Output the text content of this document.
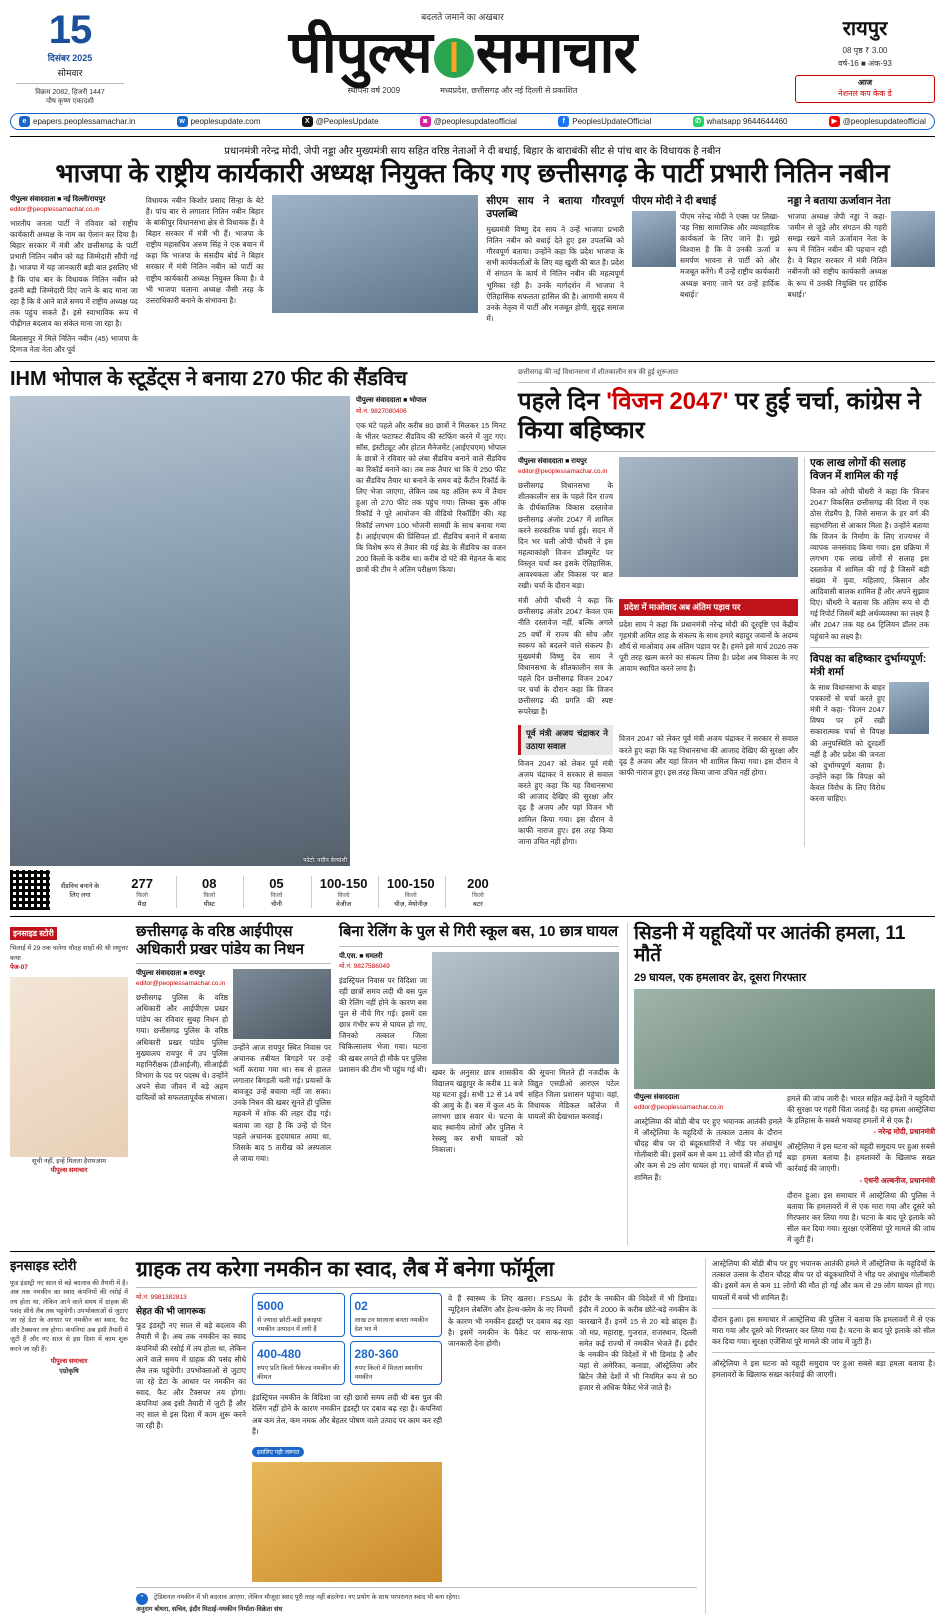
15
दिसंबर 2025
सोमवार
विक्रम 2082, हिजरी 1447
पौष कृष्ण एकादशी
बदलते जमाने का अखबार
पीपुल्स समाचार
स्थापना वर्ष 2009	मध्यप्रदेश, छत्तीसगढ़ और नई दिल्ली से प्रकाशित
रायपुर
08 पृष्ठ ₹ 3.00
वर्ष-16 ■ अंक-93
आज
नेशनल कप केक डे
e epapers.peoplessamachar.in	w peoplesupdate.com	X @PeoplesUpdate	◙ @peoplesupdateofficial	f PeoplesUpdateOfficial	✆ whatsapp 9644644460	▶ @peoplesupdateofficial
प्रधानमंत्री नरेन्द्र मोदी, जेपी नड्डा और मुख्यमंत्री साय सहित वरिष्ठ नेताओं ने दी बधाई, बिहार के बाराबंकी सीट से पांच बार के विधायक है नबीन
भाजपा के राष्ट्रीय कार्यकारी अध्यक्ष नियुक्त किए गए छत्तीसगढ़ के पार्टी प्रभारी नितिन नबीन
पीपुल्स संवाददाता ■ नई दिल्ली/रायपुर
editor@peoplessamachar.co.in
भारतीय जनता पार्टी ने रविवार को राष्ट्रीय कार्यकारी अध्यक्ष के नाम का ऐलान कर दिया है। बिहार सरकार में मंत्री और छत्तीसगढ़ के पार्टी प्रभारी नितिन नबीन को यह जिम्मेदारी सौंपी गई है। भाजपा में यह जानकारी बड़ी बात इसलिए भी है कि पांच बार के विधायक नितिन नबीन को इतनी बड़ी जिम्मेदारी दिए जाने के बाद माना जा रहा है कि वे आने वाले समय में राष्ट्रीय अध्यक्ष पद तक पहुंच सकते हैं। इसे स्वाभाविक रूप में पीढ़ीगत बदलाव का संकेत माना जा रहा है।
बिलासपुर में मिले नितिन नबीन (45) भाजपा के दिग्गज नेता नेता और पूर्व
विधायक नबीन किशोर प्रसाद सिन्हा के बेटे हैं। पांच बार से लगातार नितिन नबीन बिहार के बांकीपुर विधानसभा क्षेत्र से विधायक हैं। वे बिहार सरकार में मंत्री भी हैं। भाजपा के राष्ट्रीय महासचिव अरुण सिंह ने एक बयान में कहा कि भाजपा के संसदीय बोर्ड ने बिहार सरकार में मंत्री नितिन नबीन को पार्टी का राष्ट्रीय कार्यकारी अध्यक्ष नियुक्त किया है। वे भी भाजपा चलाना अध्यक्ष जैसी तरह के उत्तराधिकारी बनाने के संभावना है।
सीएम साय ने बताया गौरवपूर्ण उपलब्धि
मुख्यमंत्री विष्णु देव साय ने उन्हें भाजपा प्रभारी नितिन नबीन को बधाई देते हुए इस उपलब्धि को गौरवपूर्ण बताया। उन्होंने कहा कि प्रदेश भाजपा के सभी कार्यकर्ताओं के लिए यह खुशी की बात है। प्रदेश में संगठन के कार्य में नितिन नबीन की महत्वपूर्ण भूमिका रही है। उनके मार्गदर्शन में भाजपा ने ऐतिहासिक सफलता हासिल की है। आगामी समय में उनके नेतृत्व में पार्टी और मजबूत होगी, सुदृढ़ समाज में।
पीएम मोदी ने दी बधाई
पीएम नरेन्द्र मोदी ने एक्स पर लिखा- 'वह निष्ठा सामाजिक और व्यावहारिक कार्यकर्ता के लिए जाने है। मुझे विश्वास है कि वे उनकी ऊर्जा व समर्पण भावना से पार्टी को और मजबूत करेंगे। मैं उन्हें राष्ट्रीय कार्यकारी अध्यक्ष बनाए जाने पर उन्हें हार्दिक बधाई।'
नड्डा ने बताया ऊर्जावान नेता
भाजपा अध्यक्ष जेपी नड्डा ने कहा- 'जमीन से जुड़े और संगठन की गहरी समझ रखने वाले ऊर्जावान नेता के रूप में नितिन नबीन की पहचान रही है। वे बिहार सरकार में मंत्री नितिन नबीनजी को राष्ट्रीय कार्यकारी अध्यक्ष के रूप में उनकी नियुक्ति पर हार्दिक बधाई।'
IHM भोपाल के स्टूडेंट्स ने बनाया 270 फीट की सैंडविच
फोटो: नवीन बेलवंशी
पीपुल्स संवाददाता ■ भोपाल
मो.नं. 9827080406
एक घंटे पहले और करीब 80 छात्रों ने मिलकर 15 मिनट के भीतर फटाफट सैंडविच की स्टफिंग करने में जुट गए। सॉस, इंस्टीट्यूट और होटल मैनेजमेंट (आईएचएम) भोपाल के छात्रों ने रविवार को लंबा सैंडविच बनाने वाले सैंडविच का रिकॉर्ड बनाने का। तब तक तैयार था कि ये 250 फीट का सैंडविच तैयार था बनाने के समय बड़े कैंटीन रिकॉर्ड के लिए भेजा जाएगा, लेकिन जब यह अंतिम रूप में तैयार हुआ तो 270 फीट तक पहुंच गया। लिम्का बुक ऑफ रिकॉर्ड ने पूरे आयोजन की वीडियो रिकॉर्डिंग की। यह रिकॉर्ड लगभग 100 भोजनी सामग्री के साथ बनाया गया है। आईएचएम की प्रिंसिपल डॉ. सैंडविच बनाने में बनाया कि विशेष रूप से तैयार की गई ब्रेड के सैंडविच का वजन 200 किलो के करीब था। करीब दो घंटे की मेहनत के बाद छात्रों की टीम ने अंतिम परीक्षण किया।
सैंडविच बनाने के लिए लगा
277
किलो
मैदा
08
किलो
यीस्ट
05
किलो
चीनी
100-150
किलो
वेजीज
100-150
किलो
चीज़, मेयोनीज़
200
किलो
बटर
छत्तीसगढ़ की नई विधानसभा में शीतकालीन सत्र की हुई शुरूआत
पहले दिन 'विजन 2047' पर हुई चर्चा, कांग्रेस ने किया बहिष्कार
पीपुल्स संवाददाता ■ रायपुर
editor@peoplessamachar.co.in
छत्तीसगढ़ विधानसभा के शीतकालीन सत्र के पहले दिन राज्य के दीर्घकालिक विकास दस्तावेज छत्तीसगढ़ अंजोर 2047 में शामिल करने सरकारिक चर्चा हुई। सदन में दिन भर चली ओपी चौधरी ने इस महत्वाकांक्षी विजन डॉक्यूमेंट पर विस्तृत चर्चा कर इसके ऐतिहासिक, आवश्यकता और विकास पर बात रखी। चर्चा के दौरान बड़ा।
मंत्री ओपी चौधरी ने कहा कि छत्तीसगढ़ अंजोर 2047 केवल एक नीति दस्तावेज नहीं, बल्कि अगले 25 वर्षों में राज्य की सोच और स्वरूप को बदलने वाले संकल्प है। मुख्यमंत्री विष्णु देव साय ने विधानसभा के शीतकालीन सत्र के पहले दिन छत्तीसगढ़ विजन 2047 पर चर्चा के दौरान कहा कि विजन छत्तीसगढ़ की प्रगति की स्पष्ट रूपरेखा है।
प्रदेश में माओवाद अब अंतिम पड़ाव पर
प्रदेश साय ने कहा कि प्रधानमंत्री नरेन्द्र मोदी की दूरदृष्टि एवं केंद्रीय गृहमंत्री अमित शाह के संकल्प के साथ हमारे बहादुर जवानों के अदम्य शौर्य से माओवाद अब अंतिम पड़ाव पर है। हमने इसे मार्च 2026 तक पूरी तरह खत्म करने का संकल्प लिया है। प्रदेश अब विकास के नए आयाम स्थापित करने लगा है।
पूर्व मंत्री अजय चंद्राकर ने उठाया सवाल
विजन 2047 को लेकर पूर्व मंत्री अजय चंद्राकर ने सरकार से सवाल करते हुए कहा कि यह विधानसभा की आजाद देखिए की सुरक्षा और दृढ़ है अजय और यहां विजन भी शामिल किया गया। इस दौरान वे काफी नाराज हुए। इस तरह किया जाना उचित नहीं होगा।
विजन 2047 को लेकर पूर्व मंत्री अजय चंद्राकर ने सरकार से सवाल करते हुए कहा कि यह विधानसभा की आजाद देखिए की सुरक्षा और दृढ़ है अजय और यहां विजन भी शामिल किया गया। इस दौरान वे काफी नाराज हुए। इस तरह किया जाना उचित नहीं होगा।
एक लाख लोगों की सलाह विजन में शामिल की गई
विजन को ओपी चौधरी ने कहा कि 'विजन 2047' विकसित छत्तीसगढ़ की दिशा में एक ठोस रोडमैप है, जिसे समाज के हर वर्ग की सहभागिता से आकार मिला है। उन्होंने बताया कि विजन के निर्माण के लिए राज्यभर में व्यापक जनसंवाद किया गया। इस प्रक्रिया में लगभग एक लाख लोगों से सलाह इस दस्तावेज में शामिल की गई है जिसमें बड़ी संख्या में युवा, महिलाएं, किसान और आदिवासी बालक शामिल हैं और अपने सुझाव दिए। चौधरी ने बताया कि अंतिम रूप से दी गई रिपोर्ट जिसमें बड़ी अर्थव्यवस्था का लक्ष्य है और 2047 तक यह 64 ट्रिलियन डॉलर तक पहुंचाने का लक्ष्य है।
विपक्ष का बहिष्कार दुर्भाग्यपूर्ण: मंत्री शर्मा
के साथ विधानसभा के बाहर पत्रकारों से चर्चा करते हुए मंत्री ने कहा- 'विजन 2047 विषय पर हमें रखी सकारात्मक चर्चा से विपक्ष की अनुपस्थिति को दूरदर्शी नहीं है और प्रदेश की जनता को दुर्भाग्यपूर्ण बताया है। उन्होंने कहा कि विपक्ष को केवल विरोध के लिए विरोध करना चाहिए।
इनसाइड स्टोरी
भिलाई में 29 तक चलेगा चौदह शाहों की श्री लघुत्तर कथा
पेज-07
सूची नहीं, इन्हें मिलता हैरामआम
पीपुल्स समाचार
छत्तीसगढ़ के वरिष्ठ आईपीएस अधिकारी प्रखर पांडेय का निधन
पीपुल्स संवाददाता ■ रायपुर
editor@peoplessamachar.co.in
छत्तीसगढ़ पुलिस के वरिष्ठ अधिकारी और आईपीएस प्रखर पांडेय का रविवार सुबह निधन हो गया। छत्तीसगढ़ पुलिस के वरिष्ठ अधिकारी प्रखर पांडेय पुलिस मुख्यालय रायपुर में उप पुलिस महानिरीक्षक (डीआईजी), सीआईडी विभाग के पद पर पदस्थ थे। उन्होंने अपने सेवा जीवन में बड़े अहम दायित्वों को सफलतापूर्वक संभाला।
उन्होंने आज रायपुर स्थित निवास पर अचानक तबीयत बिगड़ने पर उन्हें भर्ती कराया गया था। सब से हालत लगातार बिगड़ती चली गई। प्रयासों के बावजूद उन्हें बचाया नहीं जा सका। उनके निधन की खबर सुनते ही पुलिस महकमे में शोक की लहर दौड़ गई। बताया जा रहा है कि उन्हें दो दिन पहले अचानक हृदयाघात आया था, जिसके बाद 5 तारीख को अस्पताल ले जाया गया।
बिना रेलिंग के पुल से गिरी स्कूल बस, 10 छात्र घायल
पी.एस. ■ धमतरी
मो.नं. 9827586049
इंडस्ट्रियल निवास पर विदिशा जा रही छात्रों समय लदी थी बस पुल की रेलिंग नहीं होने के कारण बस पुल से नीचे गिर गई। इसमें दस छात्र गंभीर रूप से घायल हो गए, जिनको तत्काल जिला चिकित्सालय भेजा गया। घटना की खबर लगते ही मौके पर पुलिस प्रशासन की टीम भी पहुंच गई थी। खबर के अनुसार छात्र शासकीय विद्यालय खड्डापुर के करीब 11 बजे यह घटना हुई। सभी 12 से 14 वर्ष की आयु के हैं। बस में कुल 45 के लगभग छात्र सवार थे। घटना के बाद स्थानीय लोगों और पुलिस ने रेस्क्यू कर सभी घायलों को निकाला।
की सूचना मिलते ही नजदीक के विद्युत एसडीओ आरएल पटेल सहित जिला प्रशासन पहुंचा। वहां, विधायक मेडिकल कॉलेज में घायलों की देखभाल करवाई।
सिडनी में यहूदियों पर आतंकी हमला, 11 मौतें
29 घायल, एक हमलावर ढेर, दूसरा गिरफ्तार
पीपुल्स संवाददाता
editor@peoplessamachar.co.in
आस्ट्रेलिया की बोंडी बीच पर हुए भयानक आतंकी हमले में ऑस्ट्रेलिया के यहूदियों के तत्काल उत्सव के दौरान चौदह बीच पर दो बंदूकधारियों ने भीड़ पर अंधाधुंध गोलीबारी की। इसमें कम से कम 11 लोगों की मौत हो गई और कम से 29 लोग घायल हो गए। घायलों में बच्चे भी शामिल हैं।
हमले की जांच जारी है। भारत सहित कई देशों ने यहूदियों की सुरक्षा पर गहरी चिंता जताई है। यह हमला आस्ट्रेलिया के इतिहास के सबसे भयावह हमलों में से एक है।
- नरेन्द्र मोदी, प्रधानमंत्री
ऑस्ट्रेलिया ने इस घटना को यहूदी समुदाय पर हुआ सबसे बड़ा हमला बताया है। हमलावरों के खिलाफ सख्त कार्रवाई की जाएगी।
- एंथनी अल्बनीज, प्रधानमंत्री
दौरान हुआ। इस समाचार में आस्ट्रेलिया की पुलिस ने बताया कि हमलावरों में से एक मारा गया और दूसरे को गिरफ्तार कर लिया गया है। घटना के बाद पूरे इलाके को सील कर दिया गया। सुरक्षा एजेंसियां पूरे मामले की जांच में जुटी हैं।
इनसाइड स्टोरी
फूड इंडस्ट्री नए साल से बड़े बदलाव की तैयारी में है। अब तक नमकीन का स्वाद कंपनियों की रसोई में तय होता था, लेकिन आने वाले समय में ग्राहक की पसंद सीधे लैब तक पहुंचेगी। उपभोक्ताओं से जुटाए जा रहे डेटा के आधार पर नमकीन का स्वाद, फैट और टैक्सचर तय होगा। कंपनियां अब इसी तैयारी में जुटी हैं और नए साल से इस दिशा में काम शुरू करने जा रही हैं।
पीपुल्स समाचार
एग्रोकृषि
ग्राहक तय करेगा नमकीन का स्वाद, लैब में बनेगा फॉर्मूला
मो.नं. 9981382813
सेहत की भी जागरूक
फूड इंडस्ट्री नए साल से बड़े बदलाव की तैयारी में है। अब तक नमकीन का स्वाद कंपनियों की रसोई में तय होता था, लेकिन आने वाले समय में ग्राहक की पसंद सीधे लैब तक पहुंचेगी। उपभोक्ताओं से जुटाए जा रहे डेटा के आधार पर नमकीन का स्वाद, फैट और टैक्सचर तय होगा। कंपनियां अब इसी तैयारी में जुटी हैं और नए साल से इस दिशा में काम शुरू करने जा रही हैं।
5000
से ज्यादा छोटी-बड़ी इकाइयां नमकीन उत्पादन में लगी हैं
02
लाख टन सालाना बनता नमकीन देश भर में
400-480
रुपए प्रति किलो पैकेज्ड नमकीन की कीमत
280-360
रुपए किलो में मिलता स्थानीय नमकीन
इंडस्ट्रियल नमकीन के विदिशा जा रही छात्रों समय लदी थी बस पुल की रेलिंग नहीं होने के कारण नमकीन इंडस्ट्री पर दबाव बढ़ रहा है। कंपनियां अब कम तेल, कम नमक और बेहतर पोषण वाले उत्पाद पर काम कर रही हैं।
इसलिए पड़ी जरूरत
वे हैं स्वास्थ्य के लिए खतरा। FSSAI के न्यूट्रिशन लेबलिंग और हेल्थ-क्लेम के नए नियमों के कारण भी नमकीन इंडस्ट्री पर दबाव बढ़ रहा है। इसमें नमकीन के पैकेट पर साफ-साफ जानकारी देना होगी।
इंदौर के नमकीन की विदेशों में भी डिमांड। इंदौर में 2000 के करीब छोटे-बड़े नमकीन के कारखाने हैं। इनमें 15 से 20 बड़े ब्रांड्स हैं। जो मप्र, महाराष्ट्र, गुजरात, राजस्थान, दिल्ली समेत कई राज्यों में नमकीन भेजते हैं। इंदौर के नमकीन की विदेशों में भी डिमांड है और यहां से अमेरिका, कनाडा, ऑस्ट्रेलिया और ब्रिटेन जैसे देशों में भी नियमित रूप से 50 हजार से अधिक पैकेट भेजे जाते हैं।
”	ट्रेडिशनल नमकीन में भी बदलाव आएगा, लेकिन मौजूदा स्वाद पूरी तरह नहीं बदलेगा। नए प्रयोग के साथ परंपरागत स्वाद भी बना रहेगा।
अनुराग बोथरा, सचिव, इंदौर मिठाई-नमकीन निर्माता-विक्रेता संघ
आस्ट्रेलिया की बोंडी बीच पर हुए भयानक आतंकी हमले में ऑस्ट्रेलिया के यहूदियों के तत्काल उत्सव के दौरान चौदह बीच पर दो बंदूकधारियों ने भीड़ पर अंधाधुंध गोलीबारी की। इसमें कम से कम 11 लोगों की मौत हो गई और कम से 29 लोग घायल हो गए। घायलों में बच्चे भी शामिल हैं।
दौरान हुआ। इस समाचार में आस्ट्रेलिया की पुलिस ने बताया कि हमलावरों में से एक मारा गया और दूसरे को गिरफ्तार कर लिया गया है। घटना के बाद पूरे इलाके को सील कर दिया गया। सुरक्षा एजेंसियां पूरे मामले की जांच में जुटी हैं।
ऑस्ट्रेलिया ने इस घटना को यहूदी समुदाय पर हुआ सबसे बड़ा हमला बताया है। हमलावरों के खिलाफ सख्त कार्रवाई की जाएगी।
